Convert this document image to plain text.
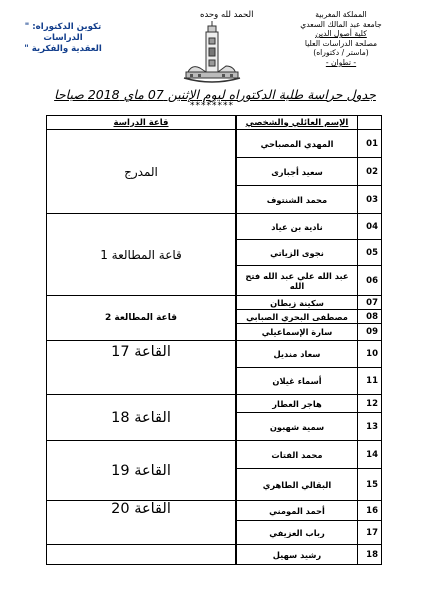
المملكة المغربية
جامعة عبد المالك السعدي
كلية أصول الدين
مصلحة الدراسات العليا
(ماستر / دكتوراه)
- تطوان -
تكوين الدكتوراه: " الدراسات
العقدية والفكرية "
الحمد لله وحده
جدول حراسة طلبة الدكتوراه ليوم الإثنين 07 ماي 2018 صباحا
********
	الإسم العائلي والشخصي		قاعة الدراسة
01	المهدي المصباحي		المدرج
02	سعيد أجبارى	
03	محمد الشنتوف	
04	نادية بن عياد		قاعة المطالعة 1
05	نجوى الزياتي	
06	عبد الله علي عبد الله فتح الله	
07	سكينة زيطان		قاعة المطالعة 2
08	مصطفى البحري الصبابي	
09	سارة الإسماعيلي	
10	سعاد منديل		القاعة 17
11	أسماء غيلان	
12	هاجر العطار		القاعة 18
13	سمية شهبون	
14	محمد الفتات		القاعة 19
15	البقالي الطاهري	
16	أحمد المومني		القاعة 20
17	رباب العزيفي	
18	رشيد سهيل		
